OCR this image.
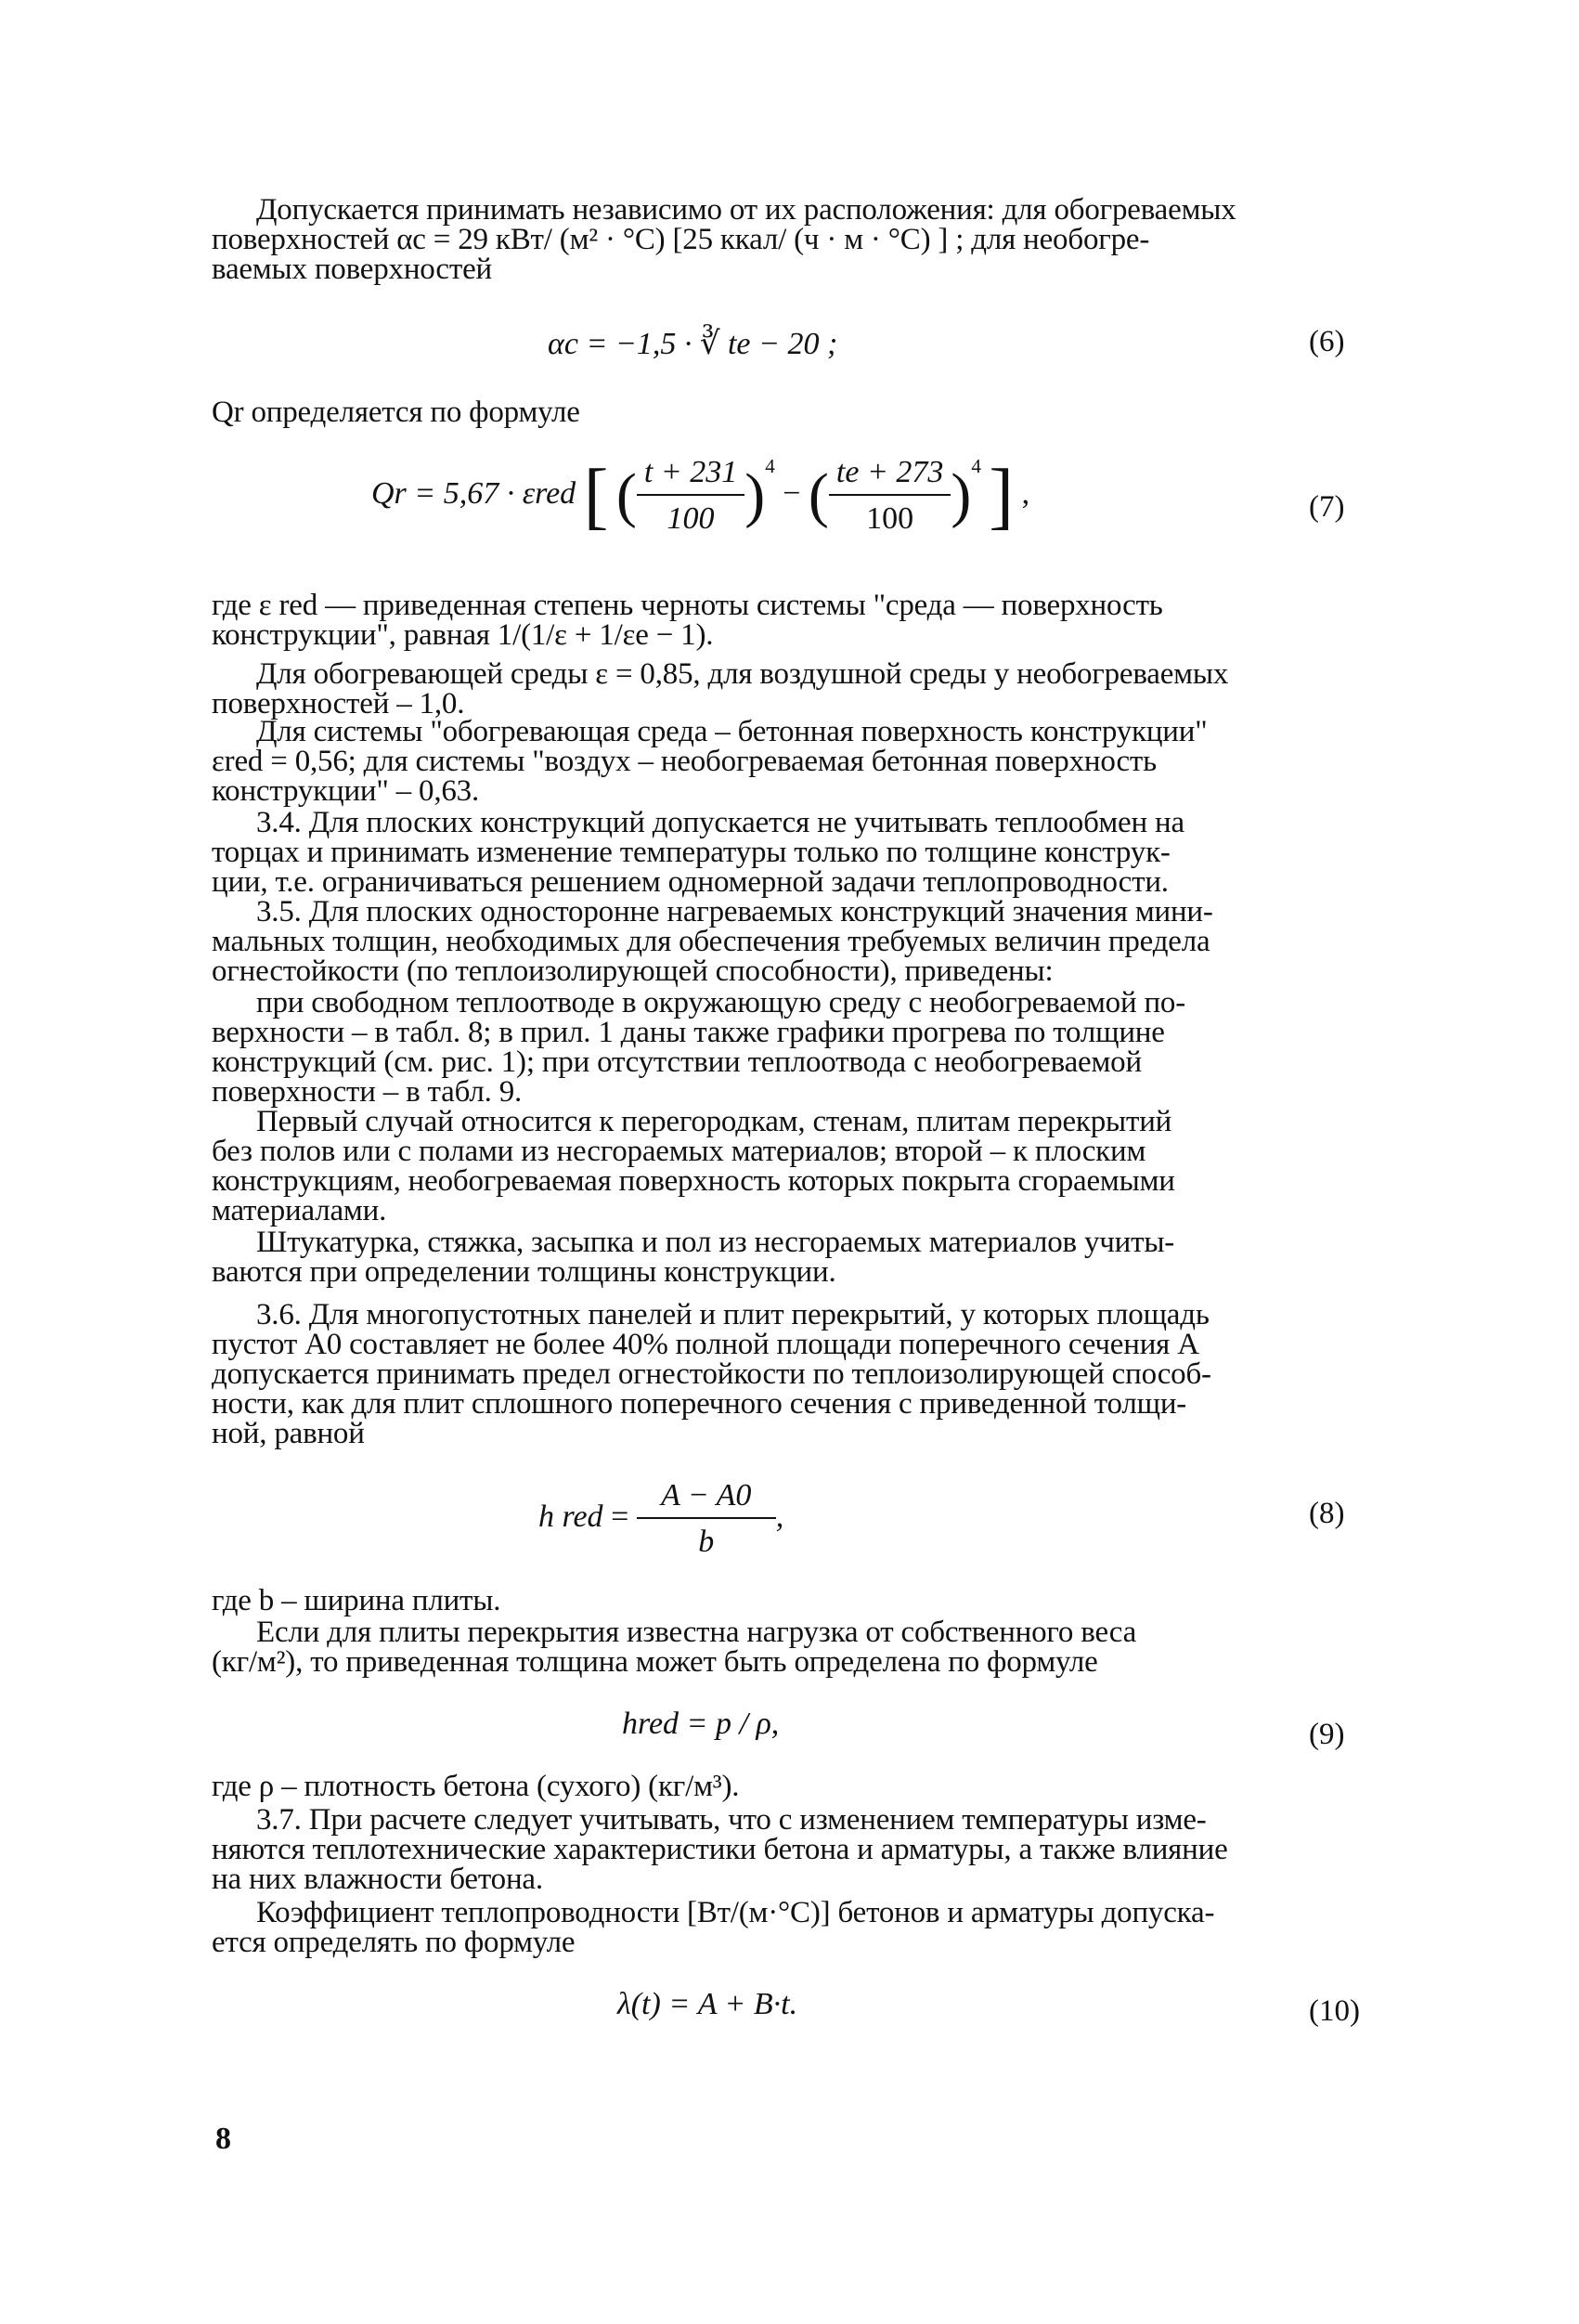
Допускается принимать независимо от их расположения: для обогреваемых
поверхностей αc = 29 кВт/ (м² · °С) [25 ккал/ (ч · м · °С) ] ; для необогре-
ваемых поверхностей
αc = −1,5 · ∛ te − 20 ;	(6)
Qr определяется по формуле
Qr = 5,67 · εred [ ( $\frac{t + 231}{100} )^4$ − ( $\frac{te + 273}{100} )^4$ ] ,	(7)
где ε red — приведенная степень черноты системы "среда — поверхность
конструкции", равная 1/(1/ε + 1/εe − 1).
Для обогревающей среды ε = 0,85, для воздушной среды у необогреваемых
поверхностей – 1,0.
Для системы "обогревающая среда – бетонная поверхность конструкции"
εred = 0,56; для системы "воздух – необогреваемая бетонная поверхность
конструкции" – 0,63.
3.4. Для плоских конструкций допускается не учитывать теплообмен на
торцах и принимать изменение температуры только по толщине конструк-
ции, т.е. ограничиваться решением одномерной задачи теплопроводности.
3.5. Для плоских односторонне нагреваемых конструкций значения мини-
мальных толщин, необходимых для обеспечения требуемых величин предела
огнестойкости (по теплоизолирующей способности), приведены:
при свободном теплоотводе в окружающую среду с необогреваемой по-
верхности – в табл. 8; в прил. 1 даны также графики прогрева по толщине
конструкций (см. рис. 1); при отсутствии теплоотвода с необогреваемой
поверхности – в табл. 9.
Первый случай относится к перегородкам, стенам, плитам перекрытий
без полов или с полами из несгораемых материалов; второй – к плоским
конструкциям, необогреваемая поверхность которых покрыта сгораемыми
материалами.
Штукатурка, стяжка, засыпка и пол из несгораемых материалов учиты-
ваются при определении толщины конструкции.
3.6. Для многопустотных панелей и плит перекрытий, у которых площадь
пустот A0 составляет не более 40% полной площади поперечного сечения A
допускается принимать предел огнестойкости по теплоизолирующей способ-
ности, как для плит сплошного поперечного сечения с приведенной толщи-
ной, равной
h red = $\frac{A - A0}{b}$ ,	(8)
где b – ширина плиты.
Если для плиты перекрытия известна нагрузка от собственного веса
(кг/м²), то приведенная толщина может быть определена по формуле
hred = p / ρ,	(9)
где ρ – плотность бетона (сухого) (кг/м³).
3.7. При расчете следует учитывать, что с изменением температуры изме-
няются теплотехнические характеристики бетона и арматуры, а также влияние
на них влажности бетона.
Коэффициент теплопроводности [Вт/(м·°С)] бетонов и арматуры допуска-
ется определять по формуле
λ(t) = A + B·t.	(10)
8
